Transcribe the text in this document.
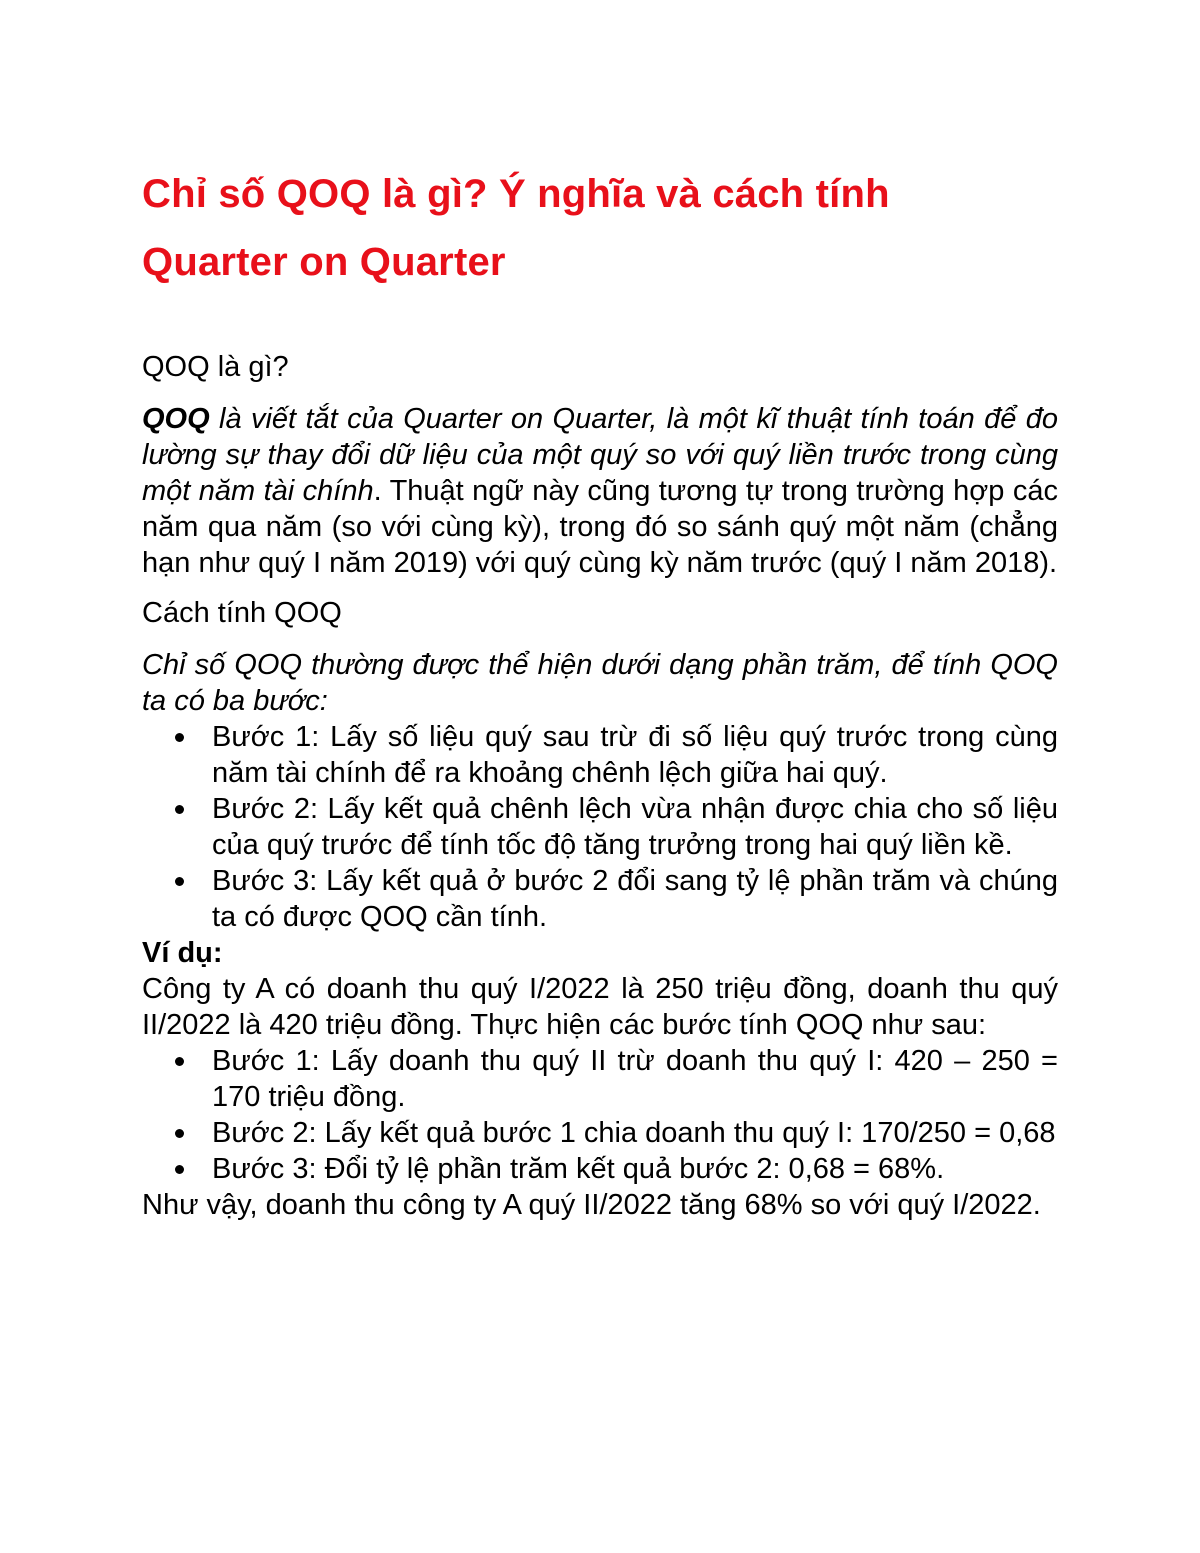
Chỉ số QOQ là gì? Ý nghĩa và cách tính
Quarter on Quarter
QOQ là gì?
QOQ là viết tắt của Quarter on Quarter, là một kĩ thuật tính toán để đo lường sự thay đổi dữ liệu của một quý so với quý liền trước trong cùng một năm tài chính. Thuật ngữ này cũng tương tự trong trường hợp các năm qua năm (so với cùng kỳ), trong đó so sánh quý một năm (chẳng hạn như quý I năm 2019) với quý cùng kỳ năm trước (quý I năm 2018).
Cách tính QOQ
Chỉ số QOQ thường được thể hiện dưới dạng phần trăm, để tính QOQ ta có ba bước:
Bước 1: Lấy số liệu quý sau trừ đi số liệu quý trước trong cùng năm tài chính để ra khoảng chênh lệch giữa hai quý.
Bước 2: Lấy kết quả chênh lệch vừa nhận được chia cho số liệu của quý trước để tính tốc độ tăng trưởng trong hai quý liền kề.
Bước 3: Lấy kết quả ở bước 2 đổi sang tỷ lệ phần trăm và chúng ta có được QOQ cần tính.
Ví dụ:
Công ty A có doanh thu quý I/2022 là 250 triệu đồng, doanh thu quý II/2022 là 420 triệu đồng. Thực hiện các bước tính QOQ như sau:
Bước 1: Lấy doanh thu quý II trừ doanh thu quý I: 420 – 250 = 170 triệu đồng.
Bước 2: Lấy kết quả bước 1 chia doanh thu quý I: 170/250 = 0,68
Bước 3: Đổi tỷ lệ phần trăm kết quả bước 2: 0,68 = 68%.
Như vậy, doanh thu công ty A quý II/2022 tăng 68% so với quý I/2022.
